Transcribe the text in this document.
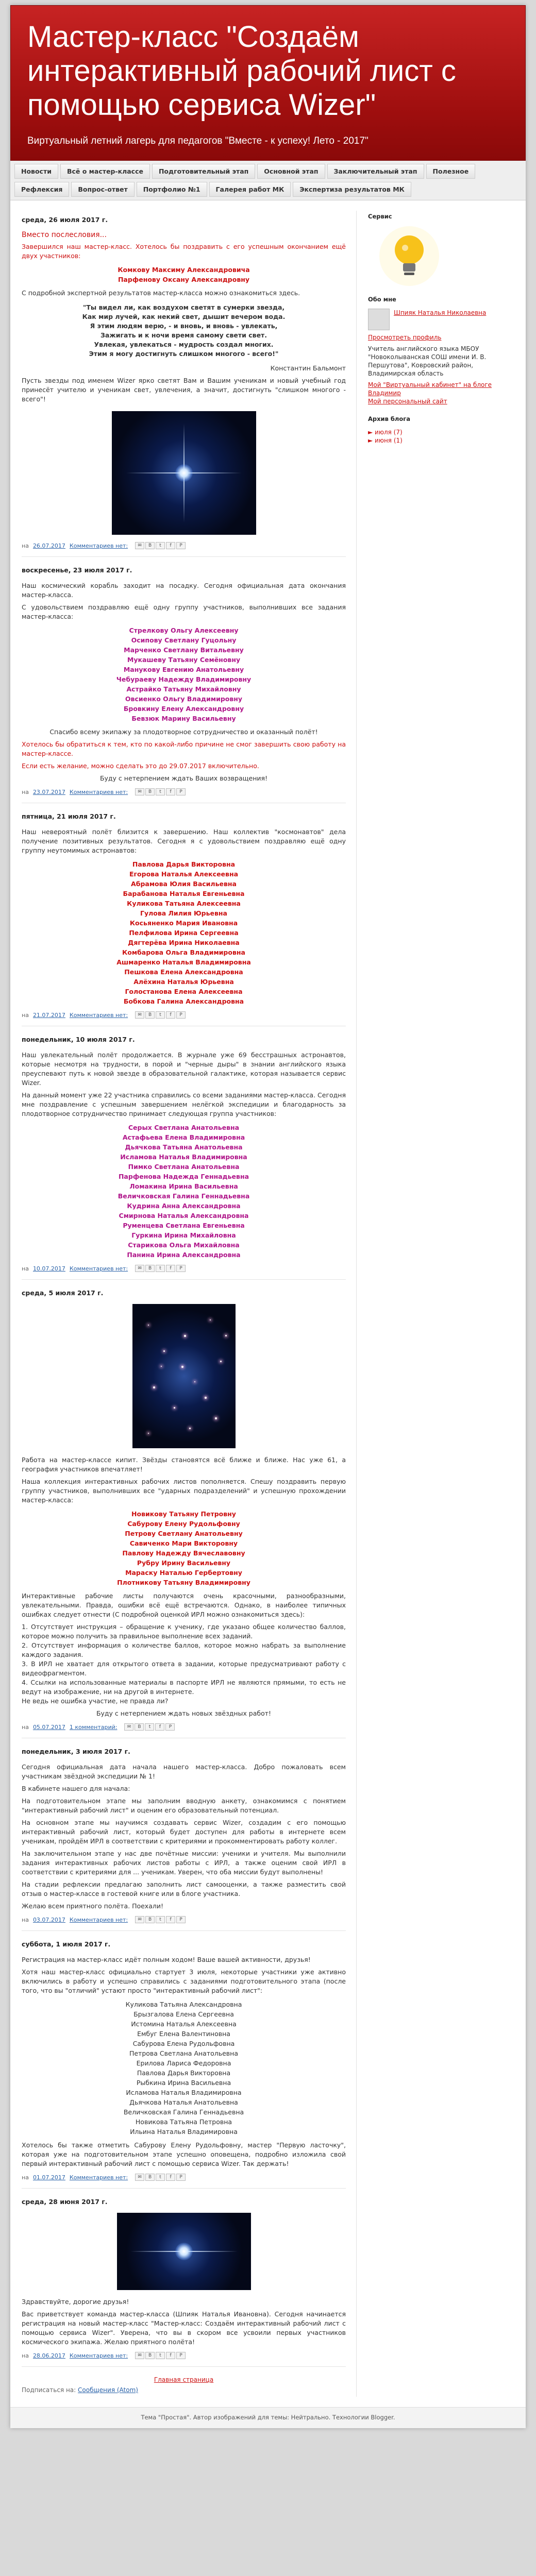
Мастер-класс "Создаём интерактивный рабочий лист с помощью сервиса Wizer"
Виртуальный летний лагерь для педагогов "Вместе - к успеху! Лето - 2017"
Новости	Всё о мастер-классе	Подготовительный этап	Основной этап	Заключительный этап	Полезное
Рефлексия	Вопрос-ответ	Портфолио №1	Галерея работ МК	Экспертиза результатов МК
среда, 26 июля 2017 г.
Вместо послесловия...

Завершился наш мастер-класс. Хотелось бы поздравить с его успешным окончанием ещё двух участников:

Комкову Максиму Александровича
Парфенову Оксану Александровну

С подробной экспертной результатов мастер-класса можно ознакомиться здесь.

"Ты видел ли, как воздухом светят в сумерки звезда,
Как мир лучей, как некий свет, дышит вечером вода.
Я этим людям верю, - и вновь, и вновь - увлекать,
Зажигать и к ночи время самому свети свет.
Увлекая, увлекаться - мудрость создал многих.
Этим я могу достигнуть слишком многого - всего!"

Константин Бальмонт

Пусть звезды под именем Wizer ярко светят Вам и Вашим ученикам и новый учебный год принесёт учителю и ученикам свет, увлечения, а значит, достигнуть "слишком многого - всего"!

на 26.07.2017 Комментариев нет:	✉	B	t	f	P
воскресенье, 23 июля 2017 г.

Наш космический корабль заходит на посадку. Сегодня официальная дата окончания мастер-класса.

С удовольствием поздравляю ещё одну группу участников, выполнивших все задания мастер-класса:

Стрелкову Ольгу Алексеевну
Осипову Светлану Гуцольну
Марченко Светлану Витальевну
Мукашеву Татьяну Семёновну
Манукову Евгению Анатольевну
Чебураеву Надежду Владимировну
Астрайко Татьяну Михайловну
Овсиенко Ольгу Владимировну
Бровкину Елену Александровну
Бевзюк Марину Васильевну

Спасибо всему экипажу за плодотворное сотрудничество и оказанный полёт!

Хотелось бы обратиться к тем, кто по какой-либо причине не смог завершить свою работу на мастер-классе.

Если есть желание, можно сделать это до 29.07.2017 включительно.

Буду с нетерпением ждать Ваших возвращения!

на 23.07.2017 Комментариев нет:	✉	B	t	f	P
пятница, 21 июля 2017 г.

Наш невероятный полёт близится к завершению. Наш коллектив "космонавтов" дела получение позитивных результатов. Сегодня я с удовольствием поздравляю ещё одну группу неутомимых астронавтов:

Павлова Дарья Викторовна
Егорова Наталья Алексеевна
Абрамова Юлия Васильевна
Барабанова Наталья Евгеньевна
Куликова Татьяна Алексеевна
Гулова Лилия Юрьевна
Косьяненко Мария Ивановна
Пелфилова Ирина Сергеевна
Дягтерёва Ирина Николаевна
Комбарова Ольга Владимировна
Ашмаренко Наталья Владимировна
Пешкова Елена Александровна
Алёхина Наталья Юрьевна
Голостанова Елена Алексеевна
Бобкова Галина Александровна
на 21.07.2017 Комментариев нет:	✉	B	t	f	P
понедельник, 10 июля 2017 г.

Наш увлекательный полёт продолжается. В журнале уже 69 бесстрашных астронавтов, которые несмотря на трудности, в порой и "черные дыры" в знании английского языка преуспевают путь к новой звезде в образовательной галактике, которая называется сервис Wizer.

На данный момент уже 22 участника справились со всеми заданиями мастер-класса. Сегодня мне поздравление с успешным завершением нелёгкой экспедиции и благодарность за плодотворное сотрудничество принимает следующая группа участников:

Серых Светлана Анатольевна
Астафьева Елена Владимировна
Дьячкова Татьяна Анатольевна
Исламова Наталья Владимировна
Пимко Светлана Анатольевна
Парфенова Надежда Геннадьевна
Ломакина Ирина Васильевна
Величковская Галина Геннадьевна
Кудрина Анна Александровна
Смирнова Наталья Александровна
Руменцева Светлана Евгеньевна
Гуркина Ирина Михайловна
Старикова Ольга Михайловна
Панина Ирина Александровна
на 10.07.2017 Комментариев нет:	✉	B	t	f	P
среда, 5 июля 2017 г.

Работа на мастер-классе кипит. Звёзды становятся всё ближе и ближе. Нас уже 61, а география участников впечатляет!

Наша коллекция интерактивных рабочих листов пополняется. Спешу поздравить первую группу участников, выполнивших все "ударных подразделений" и успешную прохождении мастер-класса:

Новикову Татьяну Петровну
Сабурову Елену Рудольфовну
Петрову Светлану Анатольевну
Савиченко Мари Викторовну
Павлову Надежду Вячеславовну
Рубру Ирину Васильевну
Мараску Наталью Гербертовну
Плотникову Татьяну Владимировну

Интерактивные рабочие листы получаются очень красочными, разнообразными, увлекательными. Правда, ошибки всё ещё встречаются. Однако, в наиболее типичных ошибках следует отнести (С подробной оценкой ИРЛ можно ознакомиться здесь):

1. Отсутствует инструкция – обращение к ученику, где указано общее количество баллов, которое можно получить за правильное выполнение всех заданий.
2. Отсутствует информация о количестве баллов, которое можно набрать за выполнение каждого задания.
3. В ИРЛ не хватает для открытого ответа в задании, которые предусматривают работу с видеофрагментом.
4. Ссылки на использованные материалы в паспорте ИРЛ не являются прямыми, то есть не ведут на изображение, ни на другой в интернете.

Не ведь не ошибка участие, не правда ли?

Буду с нетерпением ждать новых звёздных работ!

на 05.07.2017 1 комментарий:	✉	B	t	f	P
понедельник, 3 июля 2017 г.

Сегодня официальная дата начала нашего мастер-класса. Добро пожаловать всем участникам звёздной экспедиции № 1!

В кабинете нашего для начала:

На подготовительном этапе мы заполним вводную анкету, ознакомимся с понятием "интерактивный рабочий лист" и оценим его образовательный потенциал.

На основном этапе мы научимся создавать сервис Wizer, создадим с его помощью интерактивный рабочий лист, который будет доступен для работы в интернете всем ученикам, пройдём ИРЛ в соответствии с критериями и прокомментировать работу коллег.

На заключительном этапе у нас две почётные миссии: ученики и учителя. Мы выполнили задания интерактивных рабочих листов работы с ИРЛ, а также оценим свой ИРЛ в соответствии с критериями для ... ученикам. Уверен, что оба миссии будут выполнены!

На стадии рефлексии предлагаю заполнить лист самооценки, а также разместить свой отзыв о мастер-классе в гостевой книге или в блоге участника.

Желаю всем приятного полёта. Поехали!

на 03.07.2017 Комментариев нет:	✉	B	t	f	P
суббота, 1 июля 2017 г.

Регистрация на мастер-класс идёт полным ходом! Ваше вашей активности, друзья!

Хотя наш мастер-класс официально стартует 3 июля, некоторые участники уже активно включились в работу и успешно справились с заданиями подготовительного этапа (после того, что вы "отличий" устают просто "интерактивный рабочий лист":

Куликова Татьяна Александровна
Брызгалова Елена Сергеевна
Истомина Наталья Алексеевна
Ембуг Елена Валентиновна
Сабурова Елена Рудольфовна
Петрова Светлана Анатольевна
Ерилова Лариса Федоровна
Павлова Дарья Викторовна
Рыбкина Ирина Васильевна
Исламова Наталья Владимировна
Дьячкова Наталья Анатольевна
Величковская Галина Геннадьевна
Новикова Татьяна Петровна
Ильина Наталья Владимировна

Хотелось бы также отметить Сабурову Елену Рудольфовну, мастер "Первую ласточку", которая уже на подготовительном этапе успешно оповещена, подробно изложила свой первый интерактивный рабочий лист с помощью сервиса Wizer. Так держать!

на 01.07.2017 Комментариев нет:	✉	B	t	f	P
среда, 28 июня 2017 г.

Здравствуйте, дорогие друзья!

Вас приветствует команда мастер-класса (Шпияк Наталья Ивановна). Сегодня начинается регистрация на новый мастер-класс "Мастер-класс: Создаём интерактивный рабочий лист с помощью сервиса Wizer". Уверена, что вы в скором все усвоили первых участников космического экипажа. Желаю приятного полёта!

на 28.06.2017 Комментариев нет:	✉	B	t	f	P
Главная страница
Подписаться на: Сообщения (Atom)
Сервис
Обо мне
Шпияк Наталья Николаевна
Просмотреть профиль
Учитель английского языка МБОУ "Новоколыванская СОШ имени И. В. Першутова", Ковровский район, Владимирская область
Мой "Виртуальный кабинет" на блоге Владимир
Мой персональный сайт
Архив блога
► июля (7)
► июня (1)
Тема "Простая". Автор изображений для темы: Нейтрально. Технологии Blogger.
